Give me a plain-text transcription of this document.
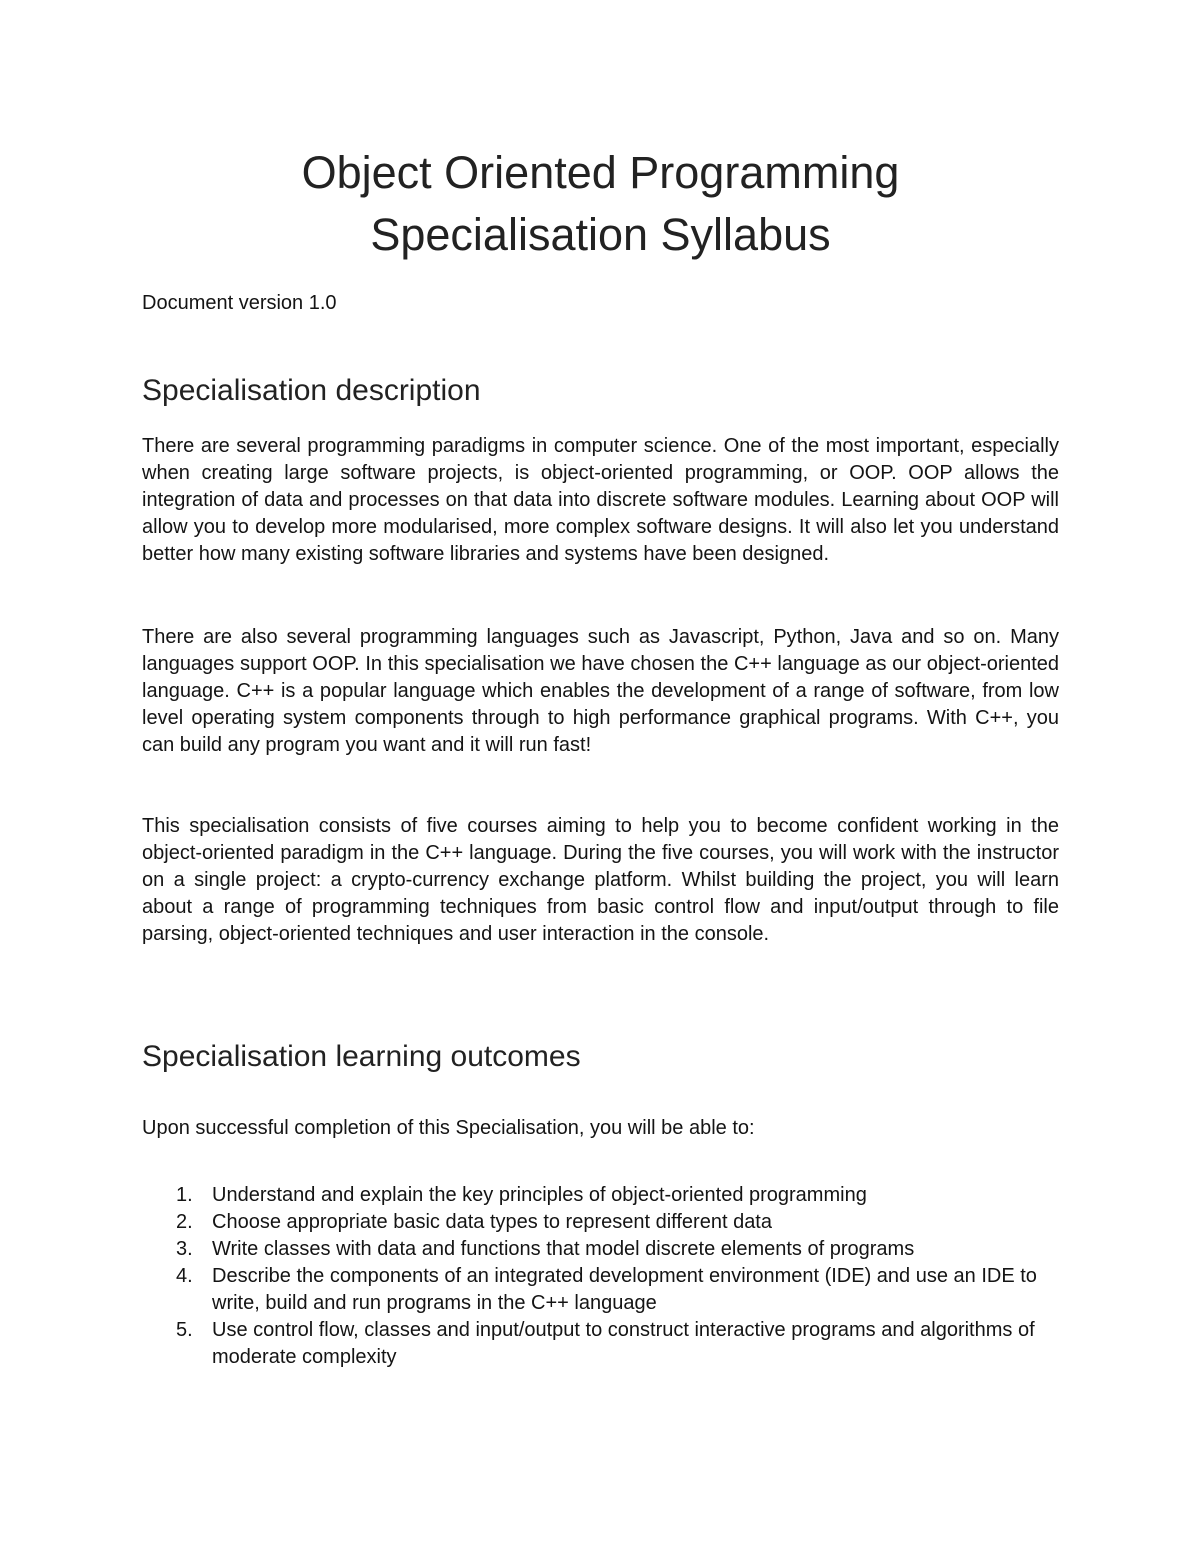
Object Oriented Programming
Specialisation Syllabus

Document version 1.0

Specialisation description

There are several programming paradigms in computer science. One of the most important, especially when creating large software projects, is object-oriented programming, or OOP. OOP allows the integration of data and processes on that data into discrete software modules. Learning about OOP will allow you to develop more modularised, more complex software designs. It will also let you understand better how many existing software libraries and systems have been designed.

There are also several programming languages such as Javascript, Python, Java and so on. Many languages support OOP. In this specialisation we have chosen the C++ language as our object-oriented language. C++ is a popular language which enables the development of a range of software, from low level operating system components through to high performance graphical programs. With C++, you can build any program you want and it will run fast!

This specialisation consists of five courses aiming to help you to become confident working in the object-oriented paradigm in the C++ language. During the five courses, you will work with the instructor on a single project: a crypto-currency exchange platform. Whilst building the project, you will learn about a range of programming techniques from basic control flow and input/output through to file parsing, object-oriented techniques and user interaction in the console.

Specialisation learning outcomes

Upon successful completion of this Specialisation, you will be able to:

1. Understand and explain the key principles of object-oriented programming
2. Choose appropriate basic data types to represent different data
3. Write classes with data and functions that model discrete elements of programs
4. Describe the components of an integrated development environment (IDE) and use an IDE to write, build and run programs in the C++ language
5. Use control flow, classes and input/output to construct interactive programs and algorithms of moderate complexity
